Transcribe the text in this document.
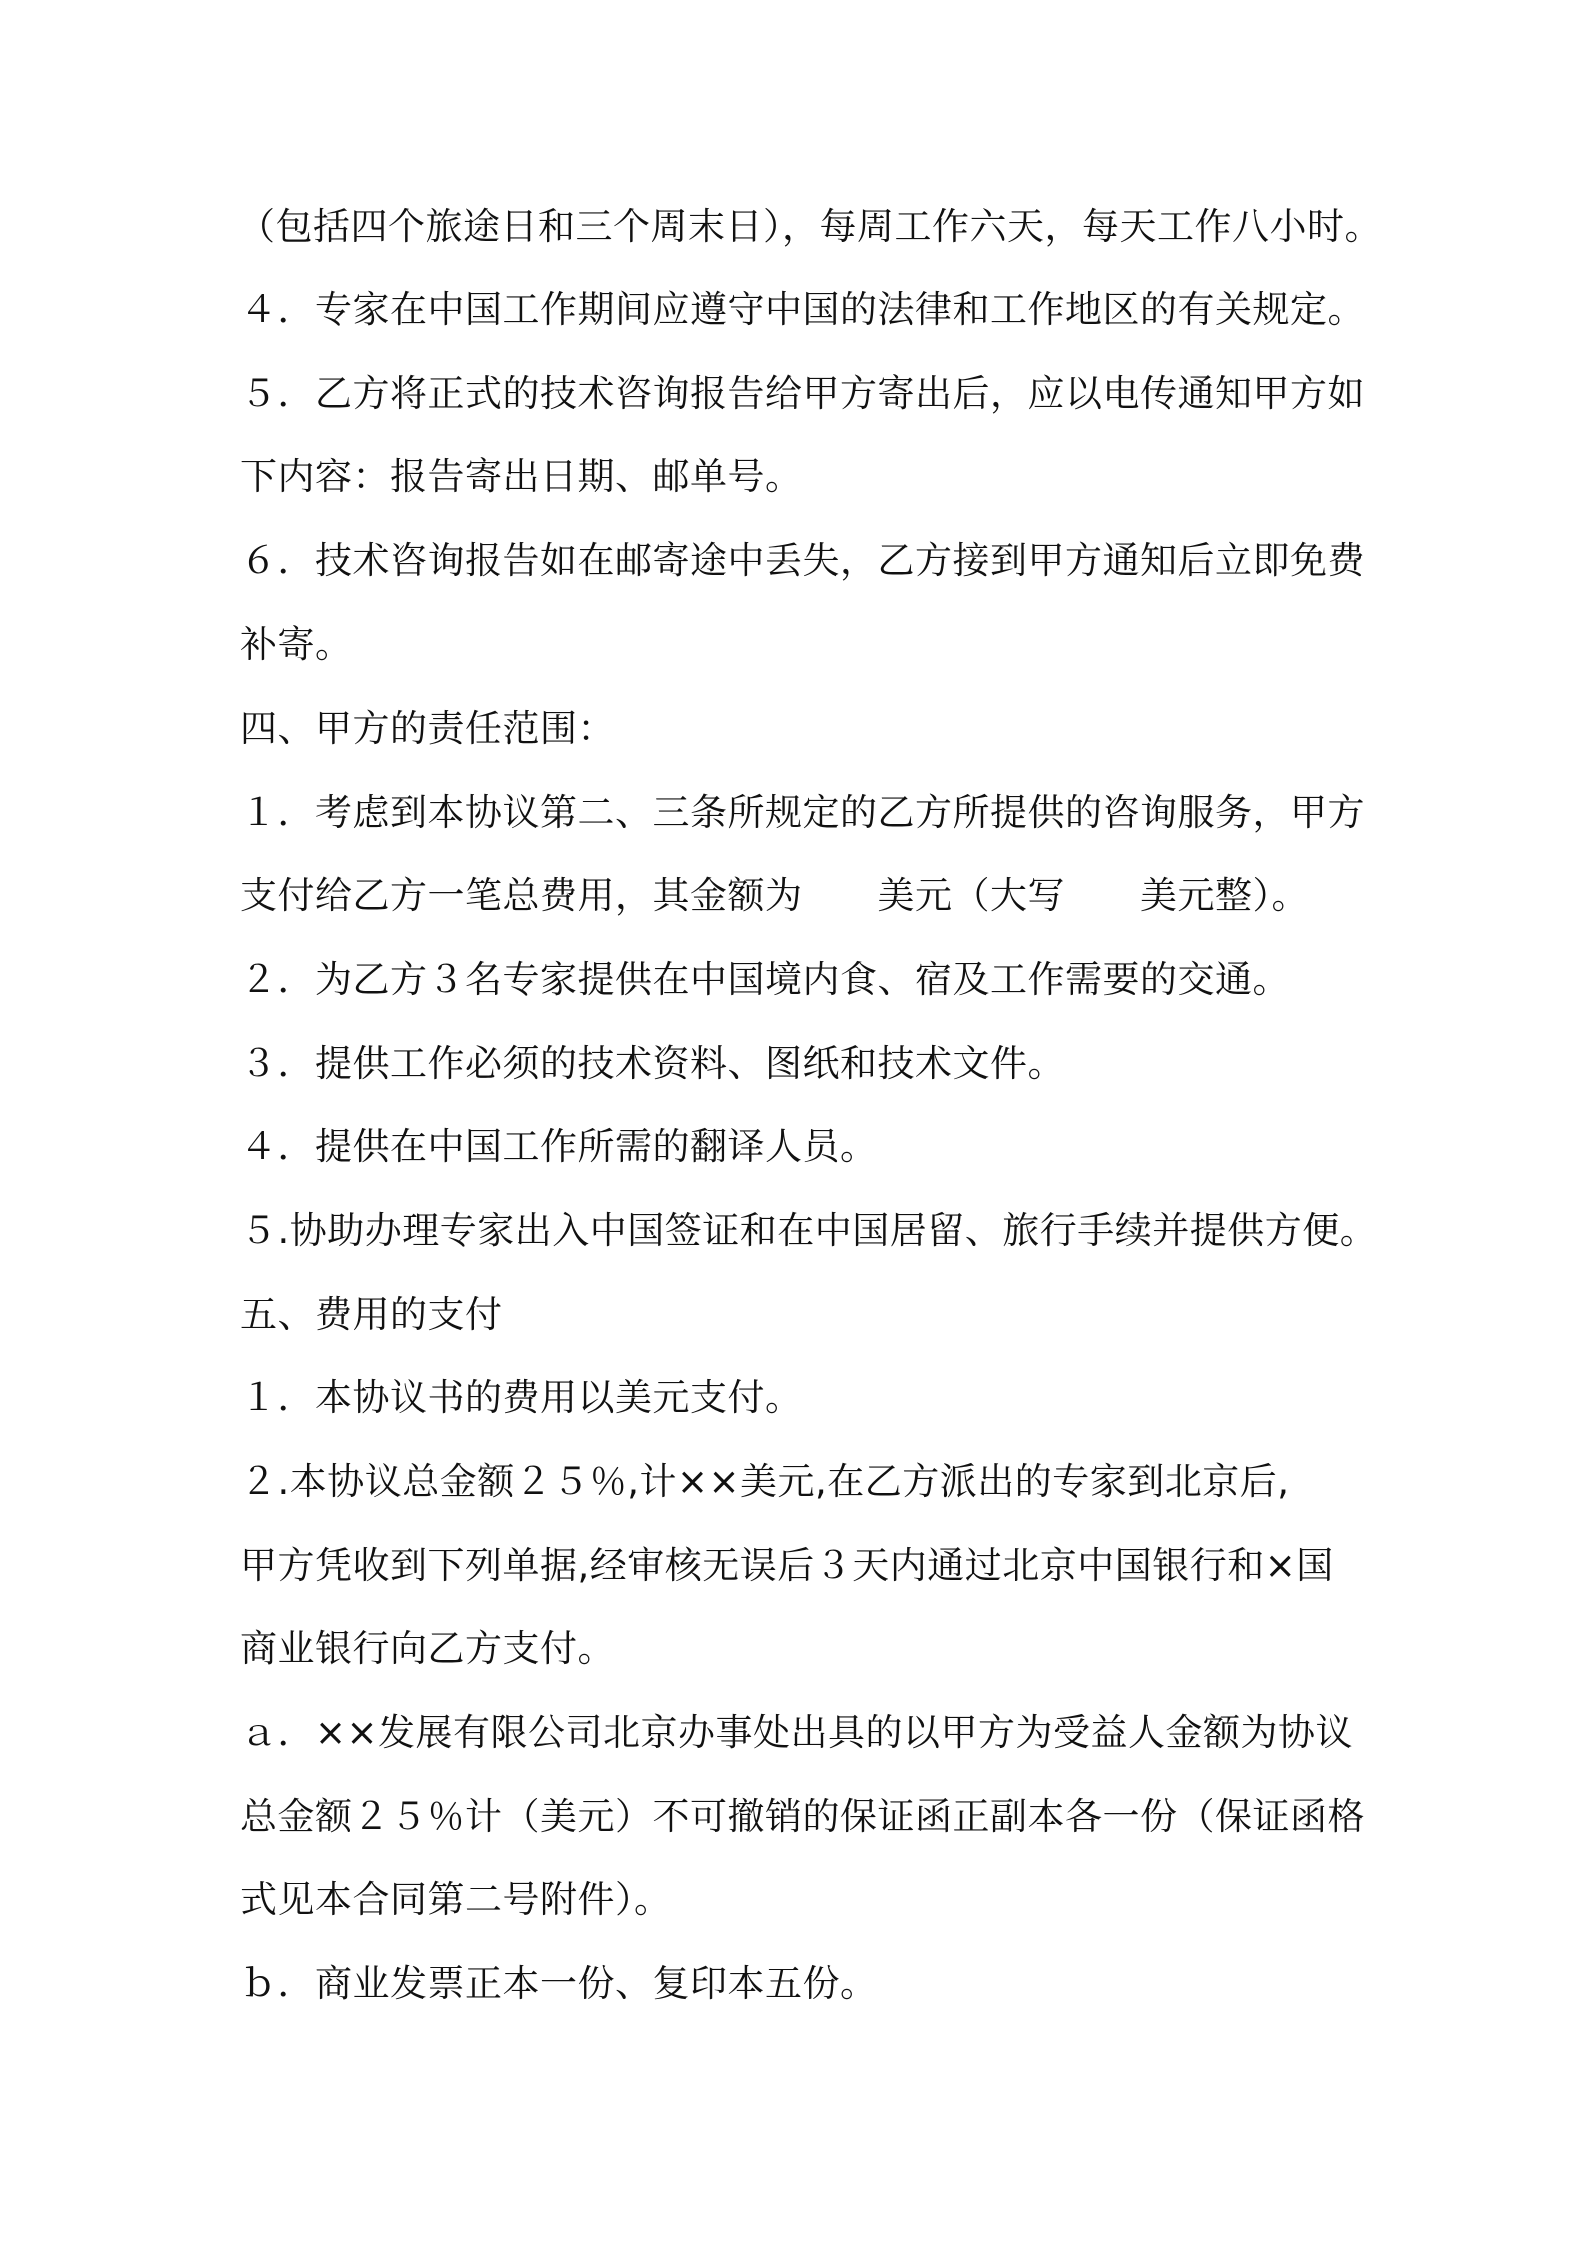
（包括四个旅途日和三个周末日），每周工作六天，每天工作八小时。

４．专家在中国工作期间应遵守中国的法律和工作地区的有关规定。

５．乙方将正式的技术咨询报告给甲方寄出后，应以电传通知甲方如

下内容：报告寄出日期、邮单号。

６．技术咨询报告如在邮寄途中丢失，乙方接到甲方通知后立即免费

补寄。

四、甲方的责任范围：

１．考虑到本协议第二、三条所规定的乙方所提供的咨询服务，甲方

支付给乙方一笔总费用，其金额为　　美元（大写　　美元整）。

２．为乙方３名专家提供在中国境内食、宿及工作需要的交通。

３．提供工作必须的技术资料、图纸和技术文件。

４．提供在中国工作所需的翻译人员。

５.协助办理专家出入中国签证和在中国居留、旅行手续并提供方便。

五、费用的支付

１．本协议书的费用以美元支付。

２.本协议总金额２５％,计××美元,在乙方派出的专家到北京后,

甲方凭收到下列单据,经审核无误后３天内通过北京中国银行和×国

商业银行向乙方支付。

ａ．××发展有限公司北京办事处出具的以甲方为受益人金额为协议

总金额２５％计（美元）不可撤销的保证函正副本各一份（保证函格

式见本合同第二号附件）。

ｂ．商业发票正本一份、复印本五份。
